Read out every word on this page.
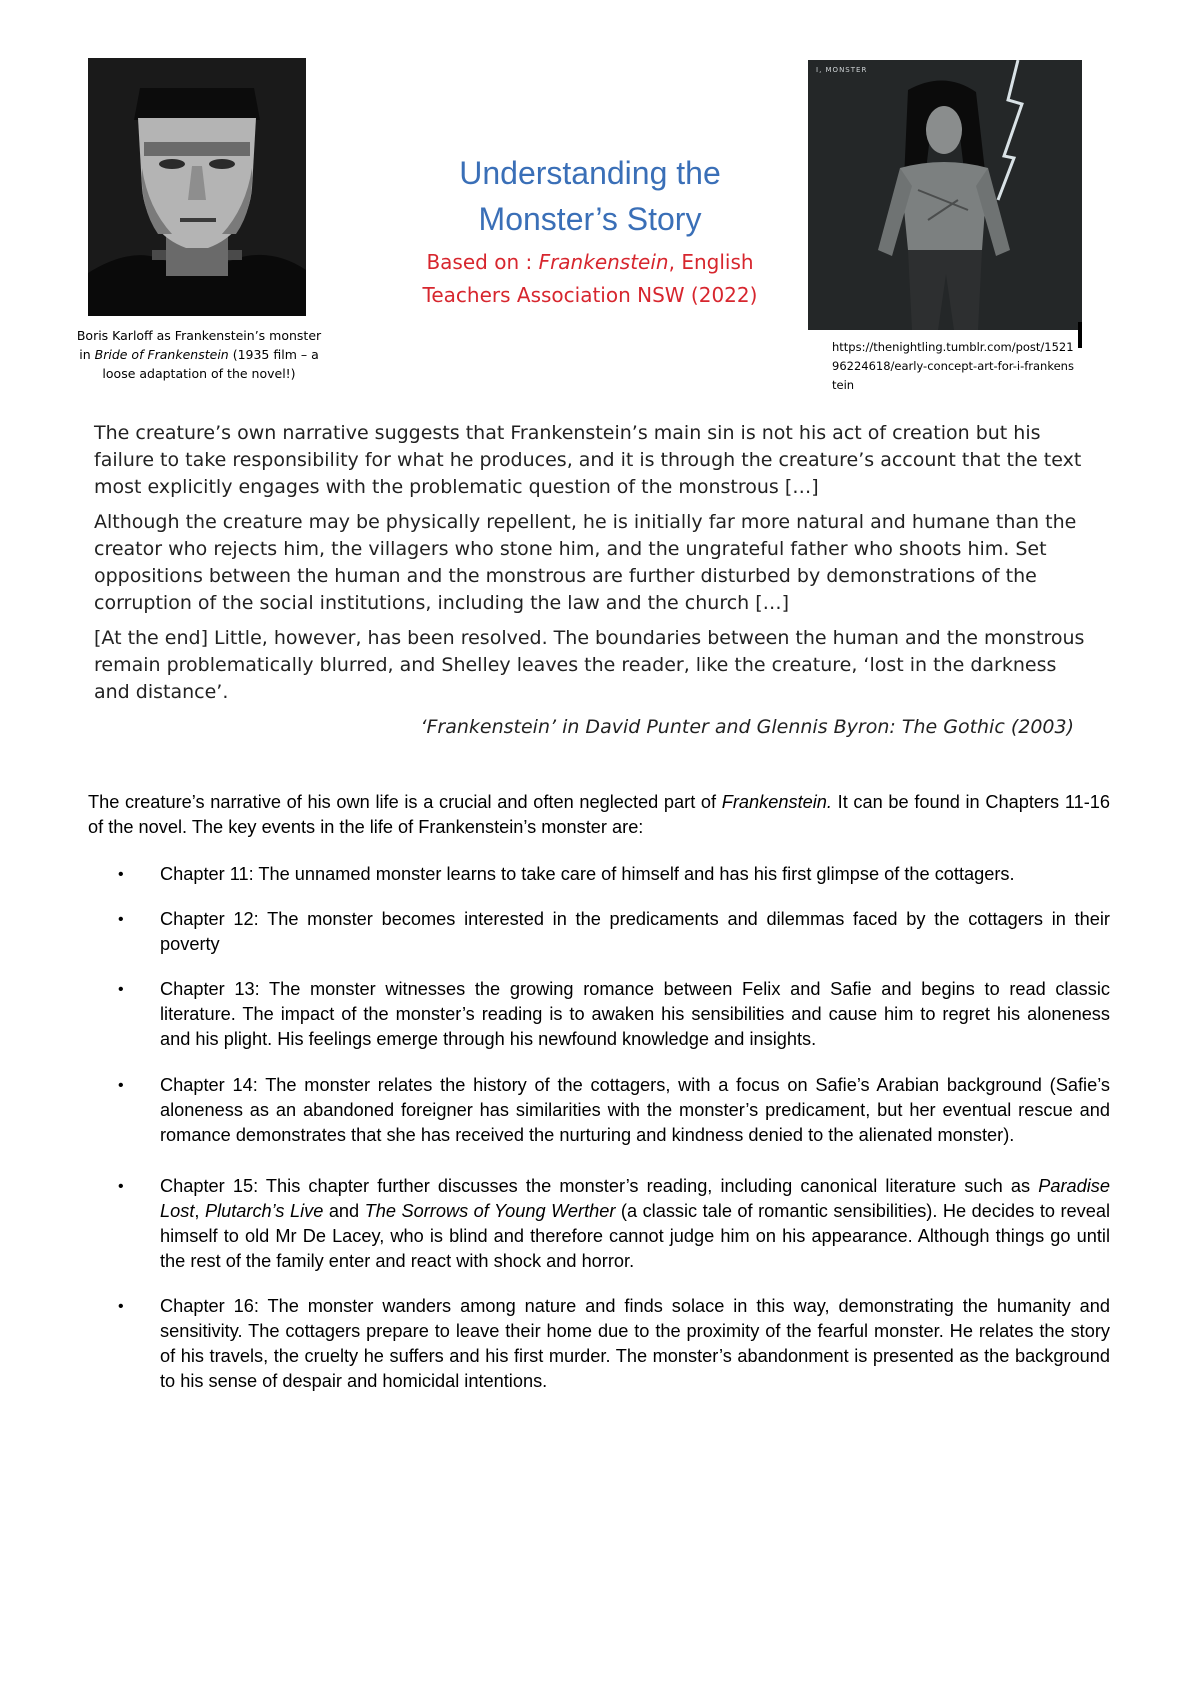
Boris Karloff as Frankenstein’s monster
in Bride of Frankenstein (1935 film – a
loose adaptation of the novel!)
Understanding the
Monster’s Story
Based on : Frankenstein, English
Teachers Association NSW (2022)
I, MONSTER
https://thenightling.tumblr.com/post/152196224618/early-concept-art-for-i-frankenstein

The creature’s own narrative suggests that Frankenstein’s main sin is not his act of creation but his failure to take responsibility for what he produces, and it is through the creature’s account that the text most explicitly engages with the problematic question of the monstrous […]

Although the creature may be physically repellent, he is initially far more natural and humane than the creator who rejects him, the villagers who stone him, and the ungrateful father who shoots him. Set oppositions between the human and the monstrous are further disturbed by demonstrations of the corruption of the social institutions, including the law and the church […]

[At the end] Little, however, has been resolved. The boundaries between the human and the monstrous remain problematically blurred, and Shelley leaves the reader, like the creature, ‘lost in the darkness and distance’.

‘Frankenstein’ in David Punter and Glennis Byron: The Gothic (2003)
The creature’s narrative of his own life is a crucial and often neglected part of Frankenstein. It can be found in Chapters 11-16 of the novel. The key events in the life of Frankenstein’s monster are:
• Chapter 11: The unnamed monster learns to take care of himself and has his first glimpse of the cottagers.
• Chapter 12: The monster becomes interested in the predicaments and dilemmas faced by the cottagers in their poverty
• Chapter 13: The monster witnesses the growing romance between Felix and Safie and begins to read classic literature. The impact of the monster’s reading is to awaken his sensibilities and cause him to regret his aloneness and his plight. His feelings emerge through his newfound knowledge and insights.
• Chapter 14: The monster relates the history of the cottagers, with a focus on Safie’s Arabian background (Safie’s aloneness as an abandoned foreigner has similarities with the monster’s predicament, but her eventual rescue and romance demonstrates that she has received the nurturing and kindness denied to the alienated monster).
• Chapter 15: This chapter further discusses the monster’s reading, including canonical literature such as Paradise Lost, Plutarch’s Live and The Sorrows of Young Werther (a classic tale of romantic sensibilities). He decides to reveal himself to old Mr De Lacey, who is blind and therefore cannot judge him on his appearance. Although things go until the rest of the family enter and react with shock and horror.
• Chapter 16: The monster wanders among nature and finds solace in this way, demonstrating the humanity and sensitivity. The cottagers prepare to leave their home due to the proximity of the fearful monster. He relates the story of his travels, the cruelty he suffers and his first murder. The monster’s abandonment is presented as the background to his sense of despair and homicidal intentions.
